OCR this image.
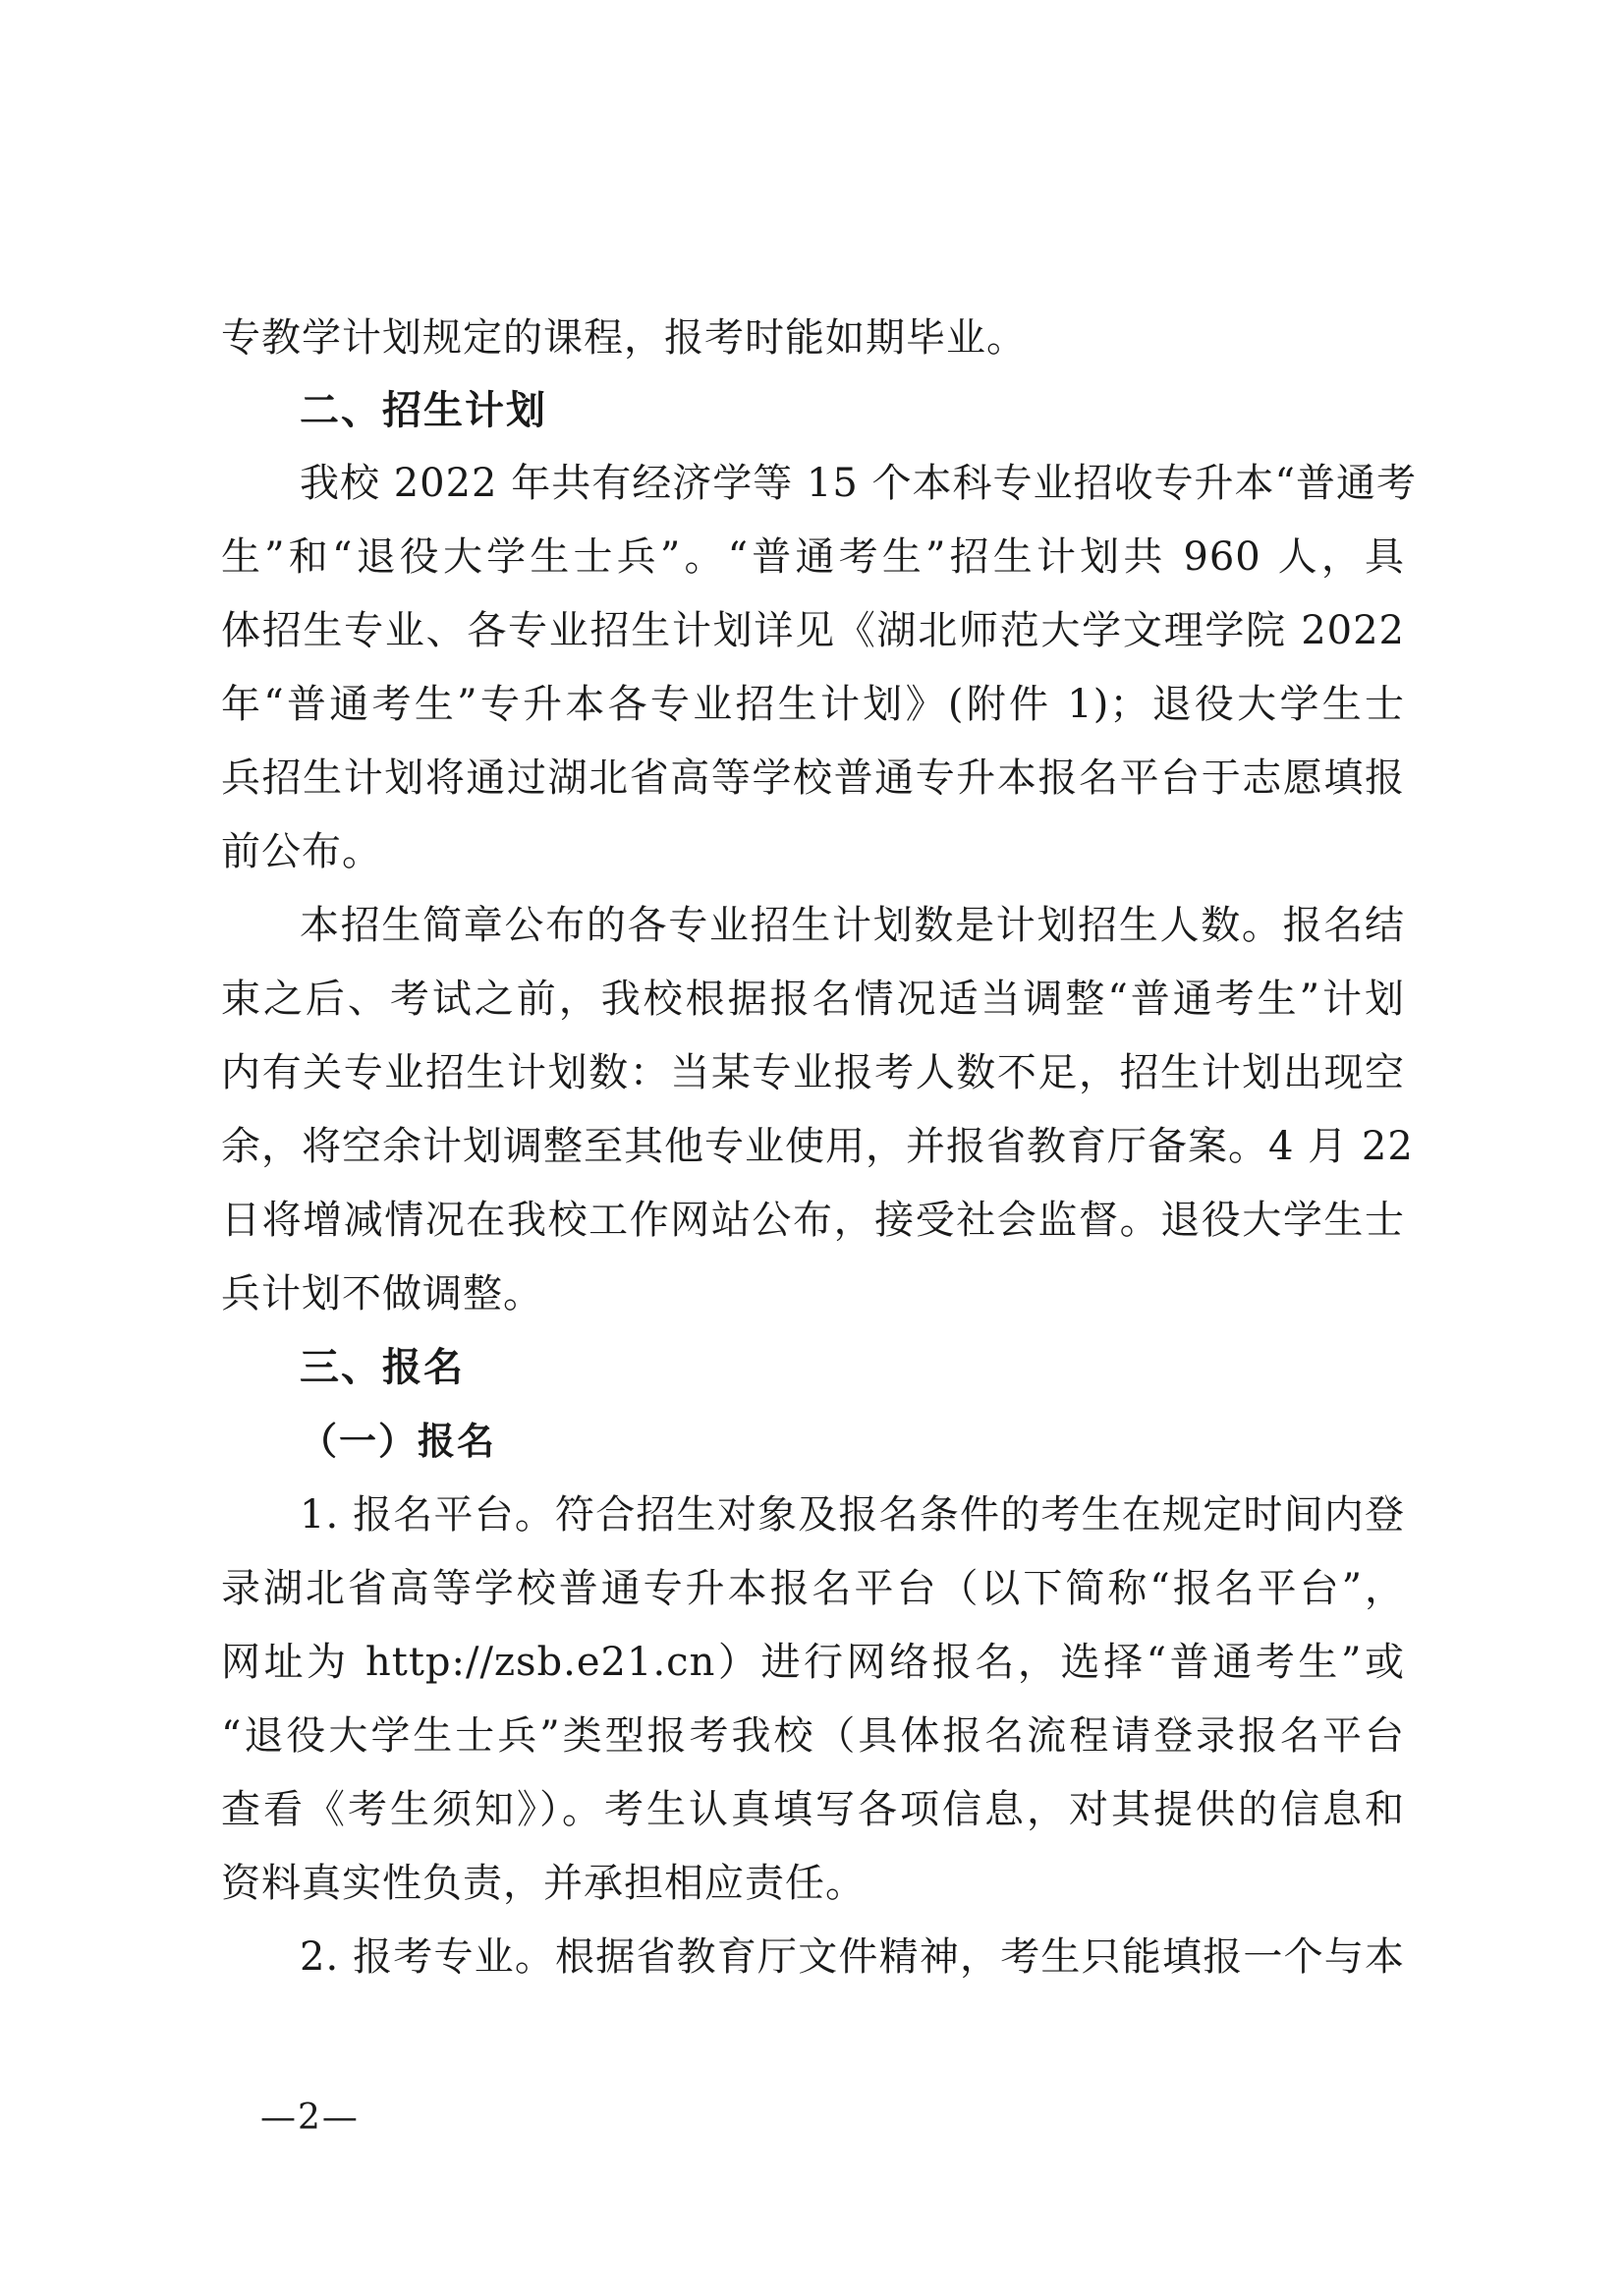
专教学计划规定的课程，报考时能如期毕业。
二、招生计划
我校 2022 年共有经济学等 15 个本科专业招收专升本“普通考
生”和“退役大学生士兵”。“普通考生”招生计划共 960 人，具
体招生专业、各专业招生计划详见《湖北师范大学文理学院 2022
年“普通考生”专升本各专业招生计划》(附件 1)；退役大学生士
兵招生计划将通过湖北省高等学校普通专升本报名平台于志愿填报
前公布。
本招生简章公布的各专业招生计划数是计划招生人数。报名结
束之后、考试之前，我校根据报名情况适当调整“普通考生”计划
内有关专业招生计划数：当某专业报考人数不足，招生计划出现空
余，将空余计划调整至其他专业使用，并报省教育厅备案。4 月 22
日将增减情况在我校工作网站公布，接受社会监督。退役大学生士
兵计划不做调整。
三、报名
（一）报名
1. 报名平台。符合招生对象及报名条件的考生在规定时间内登
录湖北省高等学校普通专升本报名平台（以下简称“报名平台”，
网址为 http://zsb.e21.cn）进行网络报名，选择“普通考生”或
“退役大学生士兵”类型报考我校（具体报名流程请登录报名平台
查看《考生须知》）。考生认真填写各项信息，对其提供的信息和
资料真实性负责，并承担相应责任。
2. 报考专业。根据省教育厅文件精神，考生只能填报一个与本
—2—
